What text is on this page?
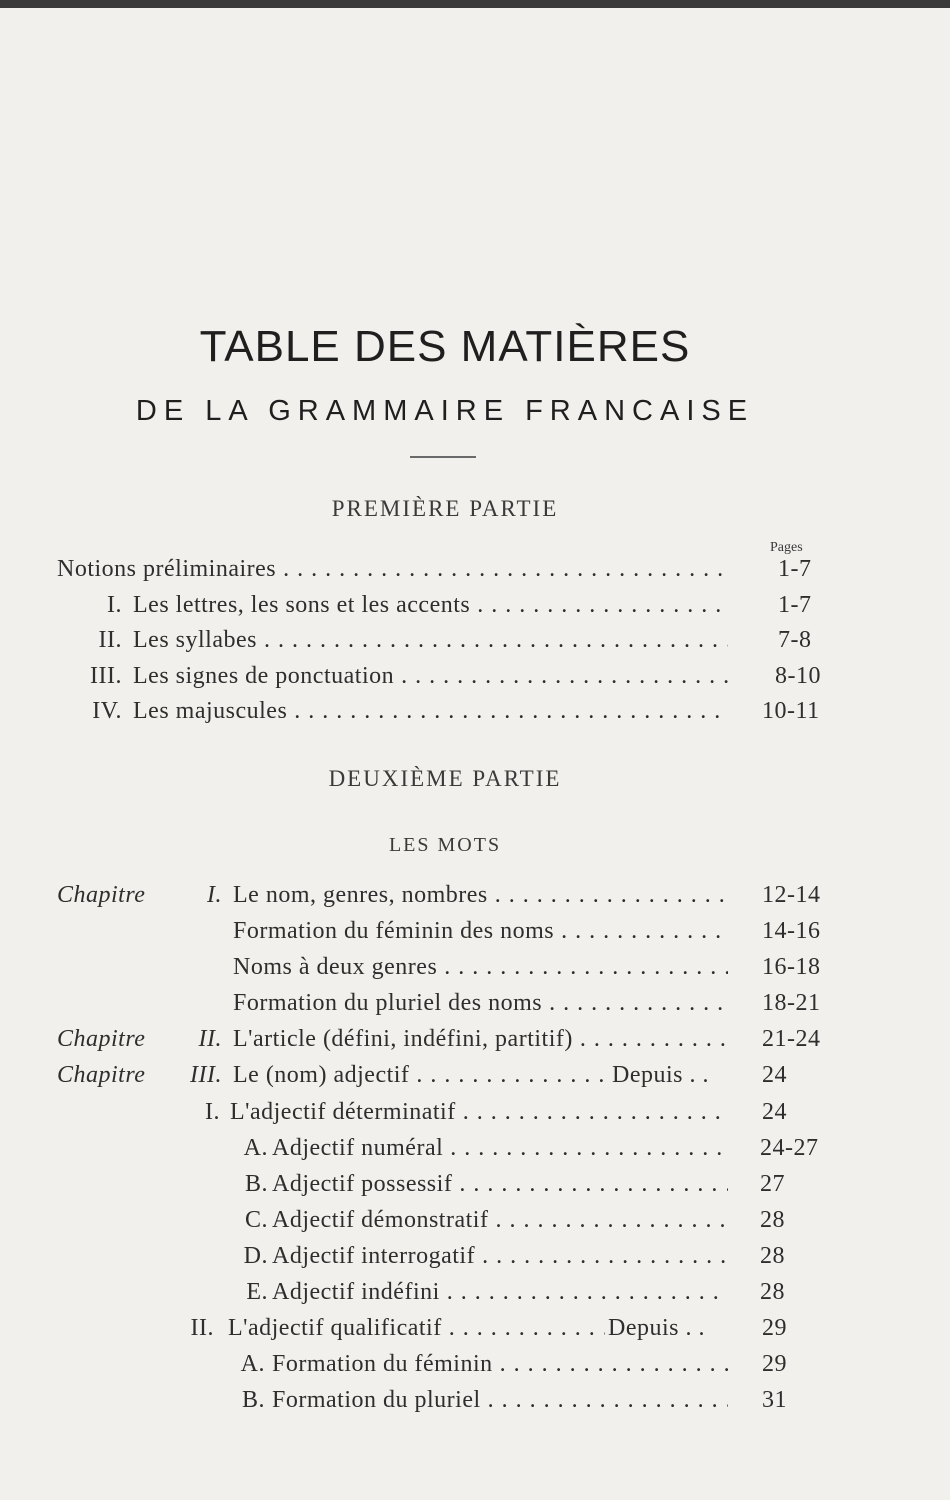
TABLE DES MATIÈRES
DE LA GRAMMAIRE FRANCAISE
PREMIÈRE PARTIE
Pages
Notions préliminaires . . .	1-7
I. Les lettres, les sons et les accents . . .	1-7
II. Les syllabes . . .	7-8
III. Les signes de ponctuation . . .	8-10
IV. Les majuscules . . .	10-11
DEUXIÈME PARTIE
LES MOTS
Chapitre	I. Le nom, genres, nombres . . .	12-14
Formation du féminin des noms . . .	14-16
Noms à deux genres . . .	16-18
Formation du pluriel des noms . . .	18-21
Chapitre II. L'article (défini, indéfini, partitif) . . .	21-24
Chapitre III. Le (nom) adjectif . . .	Depuis . . 24
I. L'adjectif déterminatif . . .	24
A. Adjectif numéral . . .	24-27
B. Adjectif possessif . . .	27
C. Adjectif démonstratif . . .	28
D. Adjectif interrogatif . . .	28
E. Adjectif indéfini . . .	28
II. L'adjectif qualificatif . . .	Depuis . . 29
A. Formation du féminin . . .	29
B. Formation du pluriel . . .	31
